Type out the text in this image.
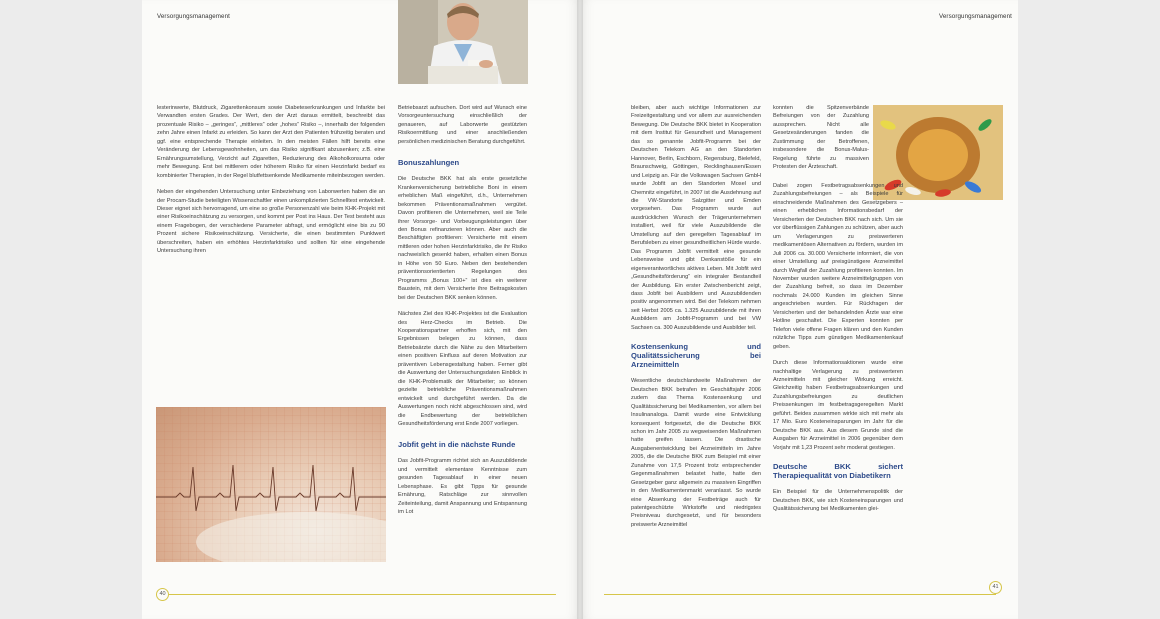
Versorgungsmanagement	Versorgungsmanagement

lesterinwerte, Blutdruck, Zigarettenkonsum sowie Diabeteserkrankungen und Infarkte bei Verwandten ersten Grades. Der Wert, den der Arzt daraus ermittelt, beschreibt das prozentuale Risiko – „geringes“, „mittleres“ oder „hohes“ Risiko –, innerhalb der folgenden zehn Jahre einen Infarkt zu erleiden. So kann der Arzt den Patienten frühzeitig beraten und ggf. eine entsprechende Therapie einleiten. In den meisten Fällen hilft bereits eine Veränderung der Lebensgewohnheiten, um das Risiko signifikant abzusenken; z.B. eine Ernährungsumstellung, Verzicht auf Zigaretten, Reduzierung des Alkoholkonsums oder mehr Bewegung. Erst bei mittlerem oder höherem Risiko für einen Herzinfarkt bedarf es kombinierter Therapien, in der Regel blutfettsenkende Medikamente miteinbezogen werden.

Neben der eingehenden Untersuchung unter Einbeziehung von Laborwerten haben die an der Procam-Studie beteiligten Wissenschaftler einen unkomplizierten Schnelltest entwickelt. Dieser eignet sich hervorragend, um eine so große Personenzahl wie beim KHK-Projekt mit einer Risikoeinschätzung zu versorgen, und kommt per Post ins Haus. Der Test besteht aus einem Fragebogen, der verschiedene Parameter abfragt, und ermöglicht eine bis zu 90 Prozent sichere Risikoeinschätzung. Versicherte, die einen bestimmten Punktwert überschreiten, haben ein erhöhtes Herzinfarktrisiko und sollten für eine eingehende Untersuchung ihren

Betriebsarzt aufsuchen. Dort wird auf Wunsch eine Vorsorgeuntersuchung einschließlich der genaueren, auf Laborwerte gestützten Risikoermittlung und einer anschließenden persönlichen medizinischen Beratung durchgeführt.

Bonuszahlungen

Die Deutsche BKK hat als erste gesetzliche Krankenversicherung betriebliche Boni in einem erheblichen Maß eingeführt, d.h., Unternehmen bekommen Präventionsmaßnahmen vergütet. Davon profitieren die Unternehmen, weil sie Teile ihrer Vorsorge- und Vorbeugungsleistungen über den Bonus refinanzieren können. Aber auch die Beschäftigten profitieren: Versicherte mit einem mittleren oder hohen Herzinfarktrisiko, die ihr Risiko nachweislich gesenkt haben, erhalten einen Bonus in Höhe von 50 Euro. Neben den bestehenden präventionsorientierten Regelungen des Programms „Bonus 100+“ ist dies ein weiterer Baustein, mit dem Versicherte ihre Beitragskosten bei der Deutschen BKK senken können.

Nächstes Ziel des KHK-Projektes ist die Evaluation des Herz-Checks im Betrieb. Die Kooperationspartner erhoffen sich, mit den Ergebnissen belegen zu können, dass Betriebsärzte durch die Nähe zu den Mitarbeitern einen positiven Einfluss auf deren Motivation zur präventiven Lebensgestaltung haben. Ferner gibt die Auswertung der Untersuchungsdaten Einblick in die KHK-Problematik der Mitarbeiter; so können gezielte betriebliche Präventionsmaßnahmen entwickelt und durchgeführt werden. Da die Auswertungen noch nicht abgeschlossen sind, wird die Endbewertung der betrieblichen Gesundheitsförderung erst Ende 2007 vorliegen.

Jobfit geht in die nächste Runde

Das Jobfit-Programm richtet sich an Auszubildende und vermittelt elementare Kenntnisse zum gesunden Tagesablauf in einer neuen Lebensphase. Es gibt Tipps für gesunde Ernährung, Ratschläge zur sinnvollen Zeiteinteilung, damit Anspannung und Entspannung im Lot

bleiben, aber auch wichtige Informationen zur Freizeitgestaltung und vor allem zur ausreichenden Bewegung. Die Deutsche BKK bietet in Kooperation mit dem Institut für Gesundheit und Management das so genannte Jobfit-Programm bei der Deutschen Telekom AG an den Standorten Hannover, Berlin, Eschborn, Regensburg, Bielefeld, Braunschweig, Göttingen, Recklinghausen/Essen und Leipzig an. Für die Volkswagen Sachsen GmbH wurde Jobfit an den Standorten Mosel und Chemnitz eingeführt, in 2007 ist die Ausdehnung auf die VW-Standorte Salzgitter und Emden vorgesehen. Das Programm wurde auf ausdrücklichen Wunsch der Trägerunternehmen installiert, weil für viele Auszubildende die Umstellung auf den geregelten Tagesablauf im Berufsleben zu einer gesundheitlichen Hürde wurde. Das Programm Jobfit vermittelt eine gesunde Lebensweise und gibt Denkanstöße für ein eigenverantwortliches aktives Leben. Mit Jobfit wird „Gesundheitsförderung“ ein integraler Bestandteil der Ausbildung. Ein erster Zwischenbericht zeigt, dass Jobfit bei Ausbildern und Auszubildenden positiv angenommen wird. Bei der Telekom nehmen seit Herbst 2005 ca. 1.325 Auszubildende mit ihren Ausbildern am Jobfit-Programm und bei VW Sachsen ca. 300 Auszubildende und Ausbilder teil.

Kostensenkung und Qualitätssicherung bei Arzneimitteln

Wesentliche deutschlandweite Maßnahmen der Deutschen BKK betrafen im Geschäftsjahr 2006 zudem das Thema Kostensenkung und Qualitätssicherung bei Medikamenten, vor allem bei Insulinanaloga. Damit wurde eine Entwicklung konsequent fortgesetzt, die die Deutsche BKK schon im Jahr 2005 zu wegweisenden Maßnahmen hatte greifen lassen. Die drastische Ausgabenentwicklung bei Arzneimitteln im Jahre 2005, die die Deutsche BKK zum Beispiel mit einer Zunahme von 17,5 Prozent trotz entsprechender Gegenmaßnahmen belastet hatte, hatte den Gesetzgeber ganz allgemein zu massiven Eingriffen in den Medikamentenmarkt veranlasst. So wurde eine Absenkung der Festbeträge auch für patentgeschützte Wirkstoffe und niedrigstes Preisniveau durchgesetzt, und für besonders preiswerte Arzneimittel

konnten die Spitzenverbände Befreiungen von der Zuzahlung aussprechen. Nicht alle Gesetzesänderungen fanden die Zustimmung der Betroffenen, insbesondere die Bonus-Malus-Regelung führte zu massiven Protesten der Ärzteschaft.

Dabei zogen Festbetragsabsenkungen und Zuzahlungsbefreiungen – als Beispiele für einschneidende Maßnahmen des Gesetzgebers – einen erheblichen Informationsbedarf der Versicherten der Deutschen BKK nach sich. Um sie vor überflüssigen Zahlungen zu schützen, aber auch um Verlagerungen zu preiswerteren medikamentösen Alternativen zu fördern, wurden im Juli 2006 ca. 30.000 Versicherte informiert, die von einer Umstellung auf preisgünstigere Arzneimittel durch Wegfall der Zuzahlung profitieren konnten. Im November wurden weitere Arzneimittelgruppen von der Zuzahlung befreit, so dass im Dezember nochmals 24.000 Kunden im gleichen Sinne angeschrieben wurden. Für Rückfragen der Versicherten und der behandelnden Ärzte war eine Hotline geschaltet. Die Experten konnten per Telefon viele offene Fragen klären und den Kunden nützliche Tipps zum günstigen Medikamentenkauf geben.

Durch diese Informationsaktionen wurde eine nachhaltige Verlagerung zu preiswerteren Arzneimitteln mit gleicher Wirkung erreicht. Gleichzeitig haben Festbetragsabsenkungen und Zuzahlungsbefreiungen zu deutlichen Preissenkungen im festbetragsgeregelten Markt geführt. Beides zusammen wirkte sich mit mehr als 17 Mio. Euro Kosteneinsparungen im Jahr für die Deutsche BKK aus. Aus diesem Grunde sind die Ausgaben für Arzneimittel in 2006 gegenüber dem Vorjahr mit 1,23 Prozent sehr moderat gestiegen.

Deutsche BKK sichert Therapiequalität von Diabetikern

Ein Beispiel für die Unternehmenspolitik der Deutschen BKK, wie sich Kosteneinsparungen und Qualitätssicherung bei Medikamenten glei-

40
41
